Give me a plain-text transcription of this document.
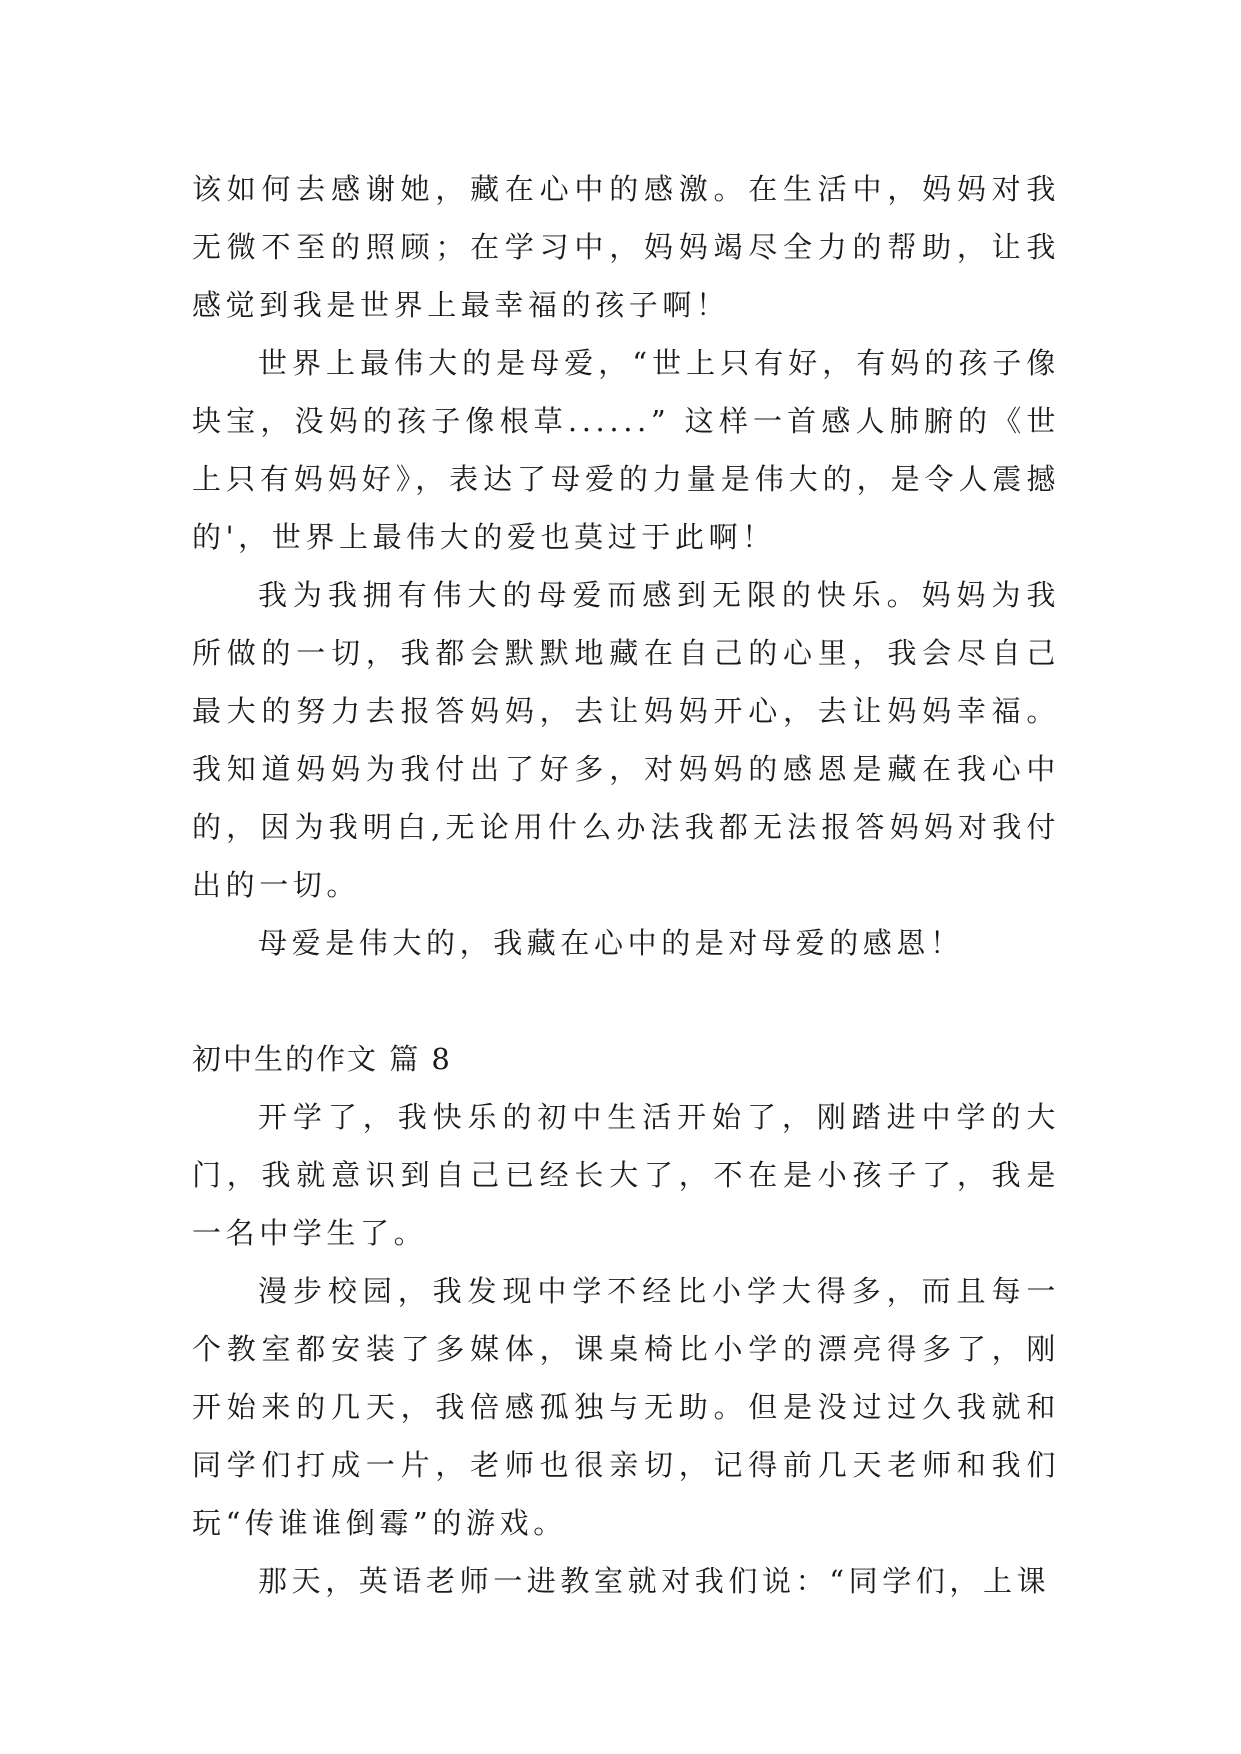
该如何去感谢她，藏在心中的感激。在生活中，妈妈对我无微不至的照顾；在学习中，妈妈竭尽全力的帮助，让我感觉到我是世界上最幸福的孩子啊！

世界上最伟大的是母爱，“世上只有好，有妈的孩子像块宝，没妈的孩子像根草......” 这样一首感人肺腑的《世上只有妈妈好》，表达了母爱的力量是伟大的，是令人震撼的'，世界上最伟大的爱也莫过于此啊！

我为我拥有伟大的母爱而感到无限的快乐。妈妈为我所做的一切，我都会默默地藏在自己的心里，我会尽自己最大的努力去报答妈妈，去让妈妈开心，去让妈妈幸福。我知道妈妈为我付出了好多，对妈妈的感恩是藏在我心中的，因为我明白,无论用什么办法我都无法报答妈妈对我付出的一切。

母爱是伟大的，我藏在心中的是对母爱的感恩！

初中生的作文 篇 8

开学了，我快乐的初中生活开始了，刚踏进中学的大门，我就意识到自己已经长大了，不在是小孩子了，我是一名中学生了。

漫步校园，我发现中学不经比小学大得多，而且每一个教室都安装了多媒体，课桌椅比小学的漂亮得多了，刚开始来的几天，我倍感孤独与无助。但是没过过久我就和同学们打成一片，老师也很亲切，记得前几天老师和我们玩“传谁谁倒霉”的游戏。

那天，英语老师一进教室就对我们说：“同学们，上课
